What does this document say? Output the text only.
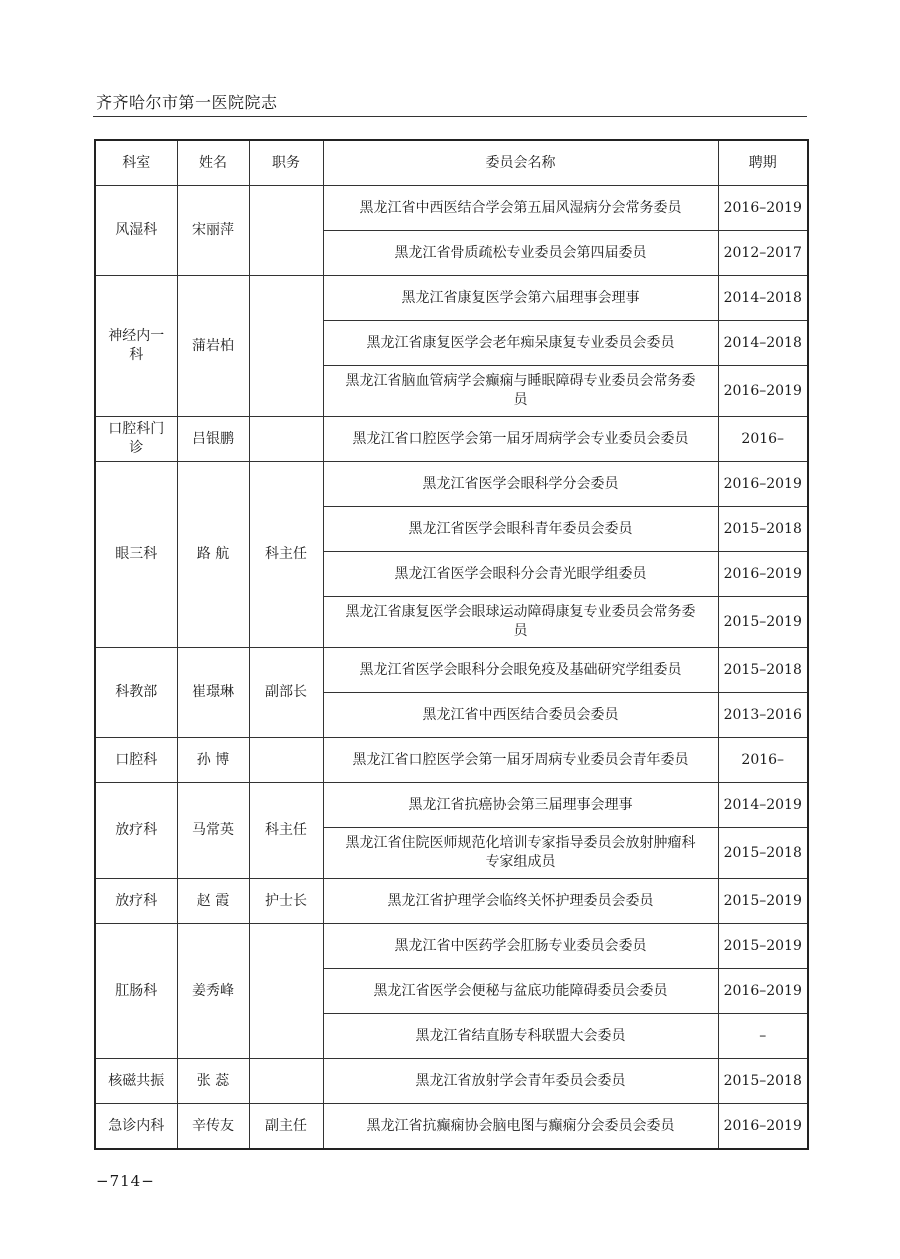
齐齐哈尔市第一医院院志
科室	姓名	职务	委员会名称	聘期

风湿科	宋丽萍		黑龙江省中西医结合学会第五届风湿病分会常务委员	2016–2019
			黑龙江省骨质疏松专业委员会第四届委员	2012–2017

神经内一科	蒲岩柏		黑龙江省康复医学会第六届理事会理事	2014–2018
			黑龙江省康复医学会老年痴呆康复专业委员会委员	2014–2018

			黑龙江省脑血管病学会癫痫与睡眠障碍专业委员会常务委员	2016–2019

口腔科门诊	吕银鹏		黑龙江省口腔医学会第一届牙周病学会专业委员会委员	2016–

眼三科	路 航	科主任	黑龙江省医学会眼科学分会委员	2016–2019
			黑龙江省医学会眼科青年委员会委员	2015–2018
			黑龙江省医学会眼科分会青光眼学组委员	2016–2019

			黑龙江省康复医学会眼球运动障碍康复专业委员会常务委员	2015–2019

科教部	崔璟琳	副部长	黑龙江省医学会眼科分会眼免疫及基础研究学组委员	2015–2018
			黑龙江省中西医结合委员会委员	2013–2016

口腔科	孙 博		黑龙江省口腔医学会第一届牙周病专业委员会青年委员	2016–

放疗科	马常英	科主任	黑龙江省抗癌协会第三届理事会理事	2014–2019

			黑龙江省住院医师规范化培训专家指导委员会放射肿瘤科专家组成员	2015–2018

放疗科	赵 霞	护士长	黑龙江省护理学会临终关怀护理委员会委员	2015–2019

肛肠科	姜秀峰		黑龙江省中医药学会肛肠专业委员会委员	2015–2019
			黑龙江省医学会便秘与盆底功能障碍委员会委员	2016–2019
			黑龙江省结直肠专科联盟大会委员	–

核磁共振	张 蕊		黑龙江省放射学会青年委员会委员	2015–2018

急诊内科	辛传友	副主任	黑龙江省抗癫痫协会脑电图与癫痫分会委员会委员	2016–2019
−714−
